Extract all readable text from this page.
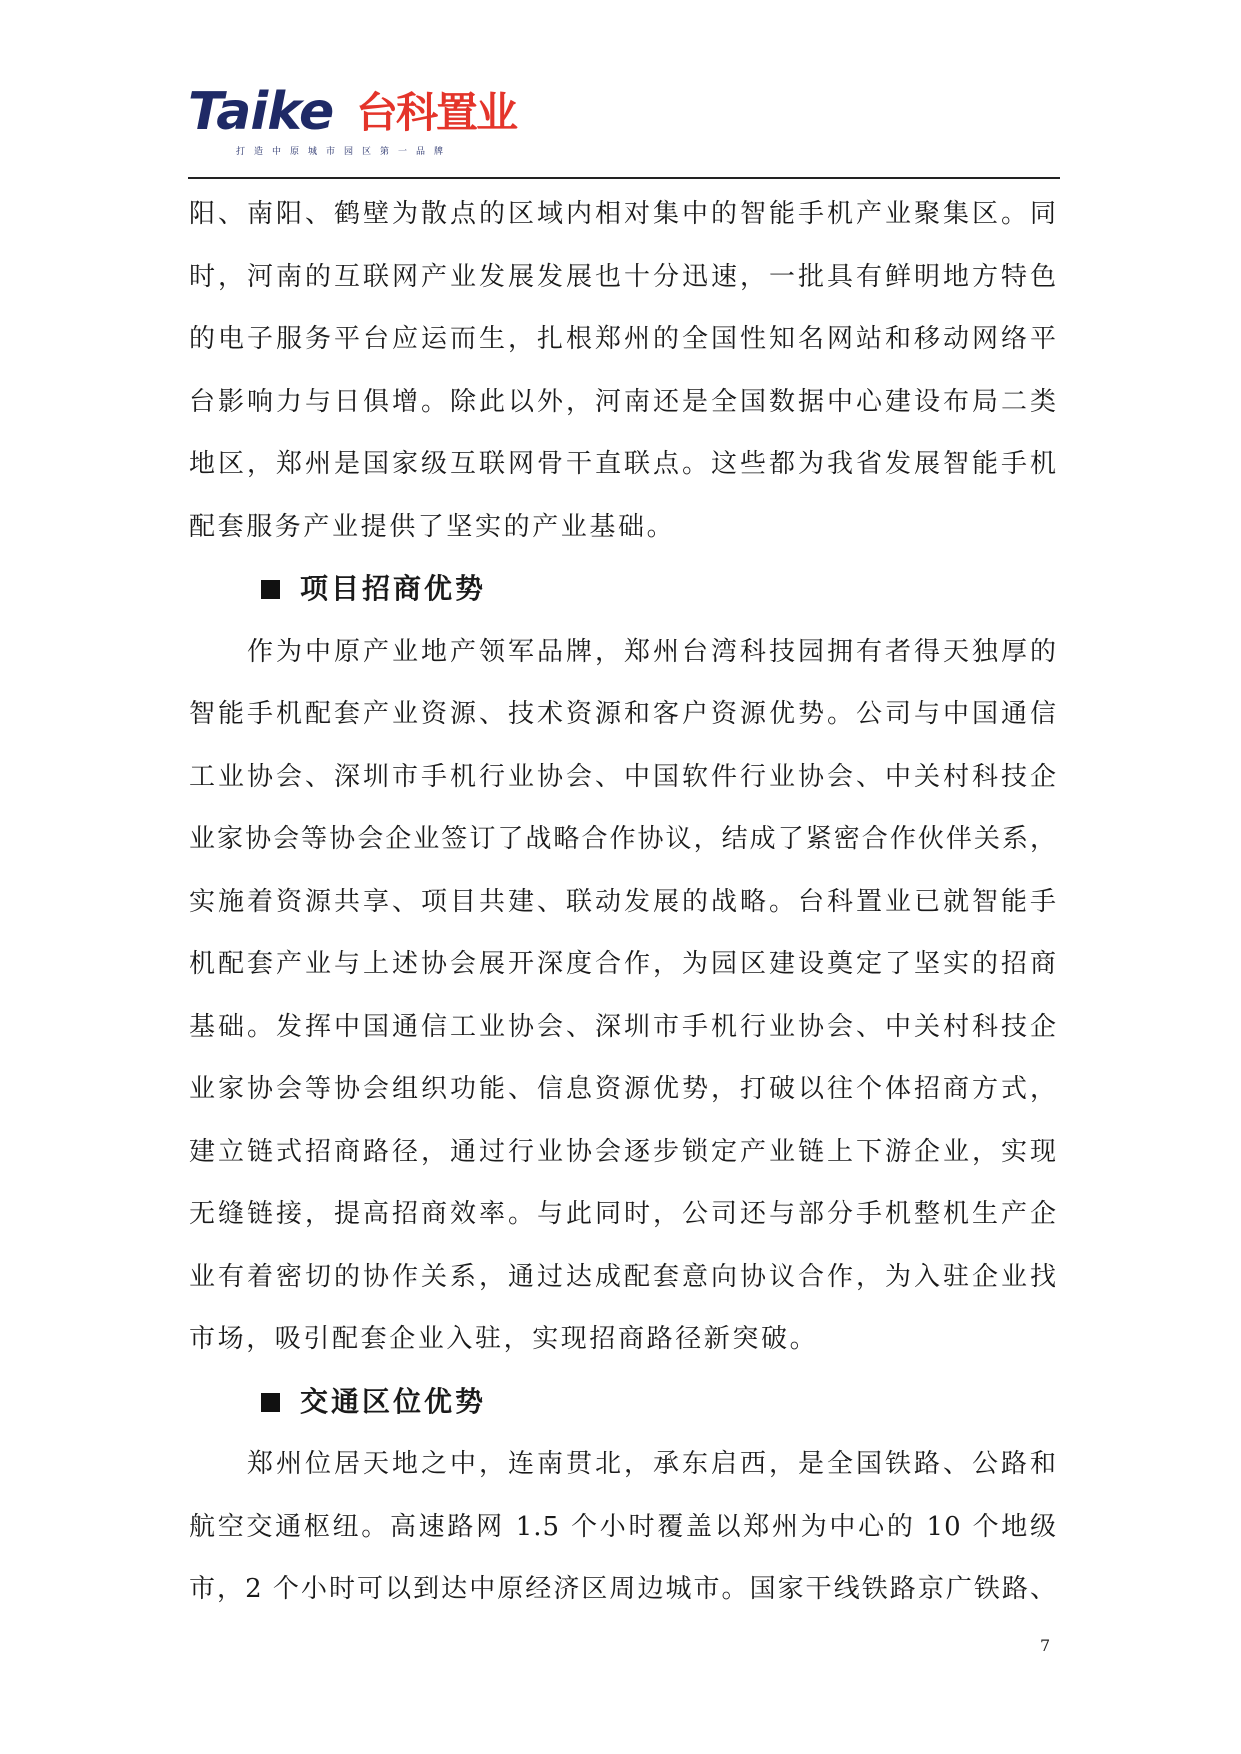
Taike 台科置业
打造中原城市园区第一品牌
阳、南阳、鹤壁为散点的区域内相对集中的智能手机产业聚集区。同
时，河南的互联网产业发展发展也十分迅速，一批具有鲜明地方特色
的电子服务平台应运而生，扎根郑州的全国性知名网站和移动网络平
台影响力与日俱增。除此以外，河南还是全国数据中心建设布局二类
地区，郑州是国家级互联网骨干直联点。这些都为我省发展智能手机
配套服务产业提供了坚实的产业基础。
项目招商优势
作为中原产业地产领军品牌，郑州台湾科技园拥有者得天独厚的
智能手机配套产业资源、技术资源和客户资源优势。公司与中国通信
工业协会、深圳市手机行业协会、中国软件行业协会、中关村科技企
业家协会等协会企业签订了战略合作协议，结成了紧密合作伙伴关系，
实施着资源共享、项目共建、联动发展的战略。台科置业已就智能手
机配套产业与上述协会展开深度合作，为园区建设奠定了坚实的招商
基础。发挥中国通信工业协会、深圳市手机行业协会、中关村科技企
业家协会等协会组织功能、信息资源优势，打破以往个体招商方式，
建立链式招商路径，通过行业协会逐步锁定产业链上下游企业，实现
无缝链接，提高招商效率。与此同时，公司还与部分手机整机生产企
业有着密切的协作关系，通过达成配套意向协议合作，为入驻企业找
市场，吸引配套企业入驻，实现招商路径新突破。
交通区位优势
郑州位居天地之中，连南贯北，承东启西，是全国铁路、公路和
航空交通枢纽。高速路网 1.5 个小时覆盖以郑州为中心的 10 个地级
市，2 个小时可以到达中原经济区周边城市。国家干线铁路京广铁路、
7
